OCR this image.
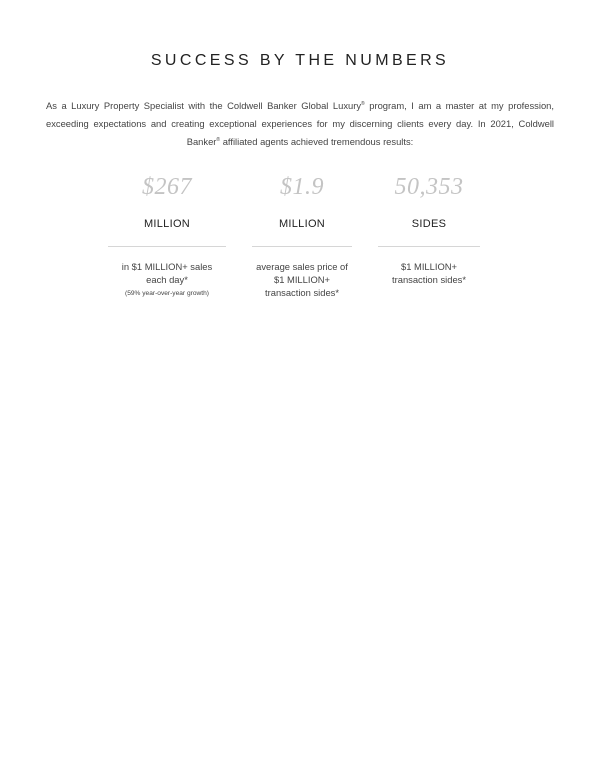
SUCCESS BY THE NUMBERS
As a Luxury Property Specialist with the Coldwell Banker Global Luxury® program, I am a master at my profession, exceeding expectations and creating exceptional experiences for my discerning clients every day. In 2021, Coldwell Banker® affiliated agents achieved tremendous results:
$267
MILLION
in $1 MILLION+ sales
each day*
(59% year-over-year growth)
$1.9
MILLION
average sales price of
$1 MILLION+
transaction sides*
50,353
SIDES
$1 MILLION+
transaction sides*
